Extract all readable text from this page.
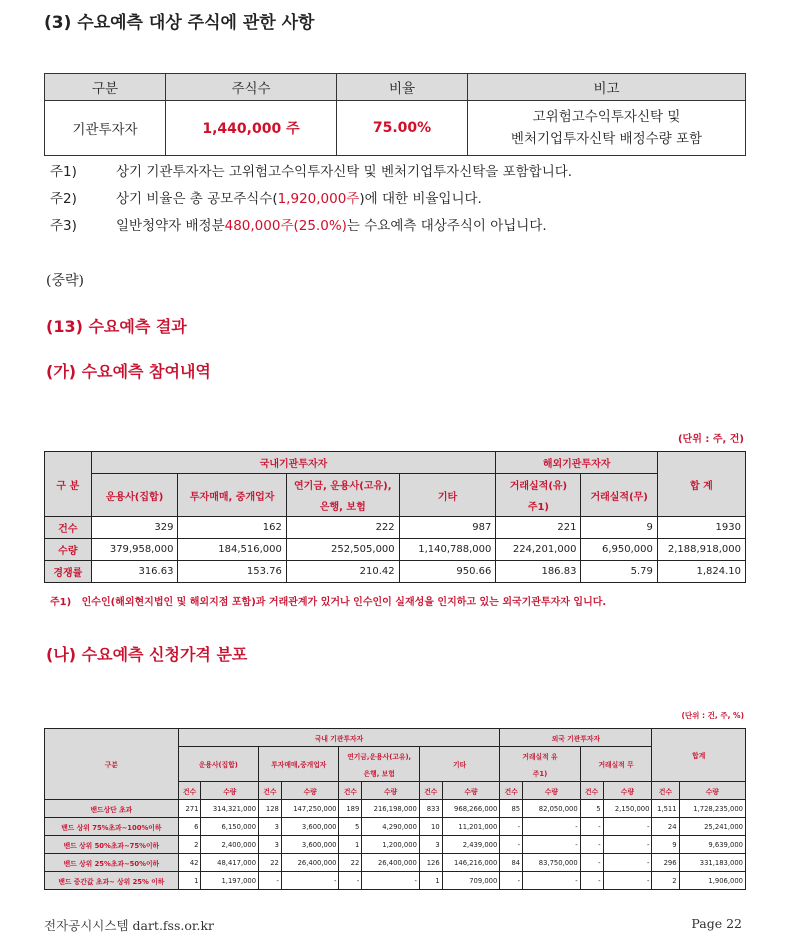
(3) 수요예측 대상 주식에 관한 사항
구분	주식수	비율	비고
기관투자자	1,440,000 주	75.00%	고위험고수익투자신탁 및
벤처기업투자신탁 배정수량 포함
주1)	상기 기관투자자는 고위험고수익투자신탁 및 벤처기업투자신탁을 포함합니다.
주2)	상기 비율은 총 공모주식수(1,920,000주)에 대한 비율입니다.
주3)	일반청약자 배정분480,000주(25.0%)는 수요예측 대상주식이 아닙니다.
(중략)
(13) 수요예측 결과
(가) 수요예측 참여내역
(단위 : 주, 건)
구 분	국내기관투자자				해외기관투자자		합 계
	운용사(집합)	투자매매, 중개업자	연기금, 운용사(고유),	기타	거래실적(유)	거래실적(무)	
			은행, 보험		주1)		
건수	329	162	222	987	221	9	1930
수량	379,958,000	184,516,000	252,505,000	1,140,788,000	224,201,000	6,950,000	2,188,918,000
경쟁률	316.63	153.76	210.42	950.66	186.83	5.79	1,824.10
주1)   인수인(해외현지법인 및 해외지점 포함)과 거래관계가 있거나 인수인이 실재성을 인지하고 있는 외국기관투자자 입니다.
(나) 수요예측 신청가격 분포
(단위 : 건, 주, %)
구분	국내 기관투자자								외국 기관투자자				합계	
	운용사(집합)		투자매매,중개업자		연기금,운용사(고유),		기타		거래실적 유		거래실적 무			
					은행, 보험				주1)					
	건수	수량	건수	수량	건수	수량	건수	수량	건수	수량	건수	수량	건수	수량
밴드상단 초과	271	314,321,000	128	147,250,000	189	216,198,000	833	968,266,000	85	82,050,000	5	2,150,000	1,511	1,728,235,000
밴드 상위 75%초과~100%이하	6	6,150,000	3	3,600,000	5	4,290,000	10	11,201,000	-	-	-	-	24	25,241,000
밴드 상위 50%초과~75%이하	2	2,400,000	3	3,600,000	1	1,200,000	3	2,439,000	-	-	-	-	9	9,639,000
밴드 상위 25%초과~50%이하	42	48,417,000	22	26,400,000	22	26,400,000	126	146,216,000	84	83,750,000	-	-	296	331,183,000
밴드 중간값 초과~ 상위 25% 이하	1	1,197,000	-	-	-	-	1	709,000	-	-	-	-	2	1,906,000
전자공시시스템 dart.fss.or.kr	Page 22
